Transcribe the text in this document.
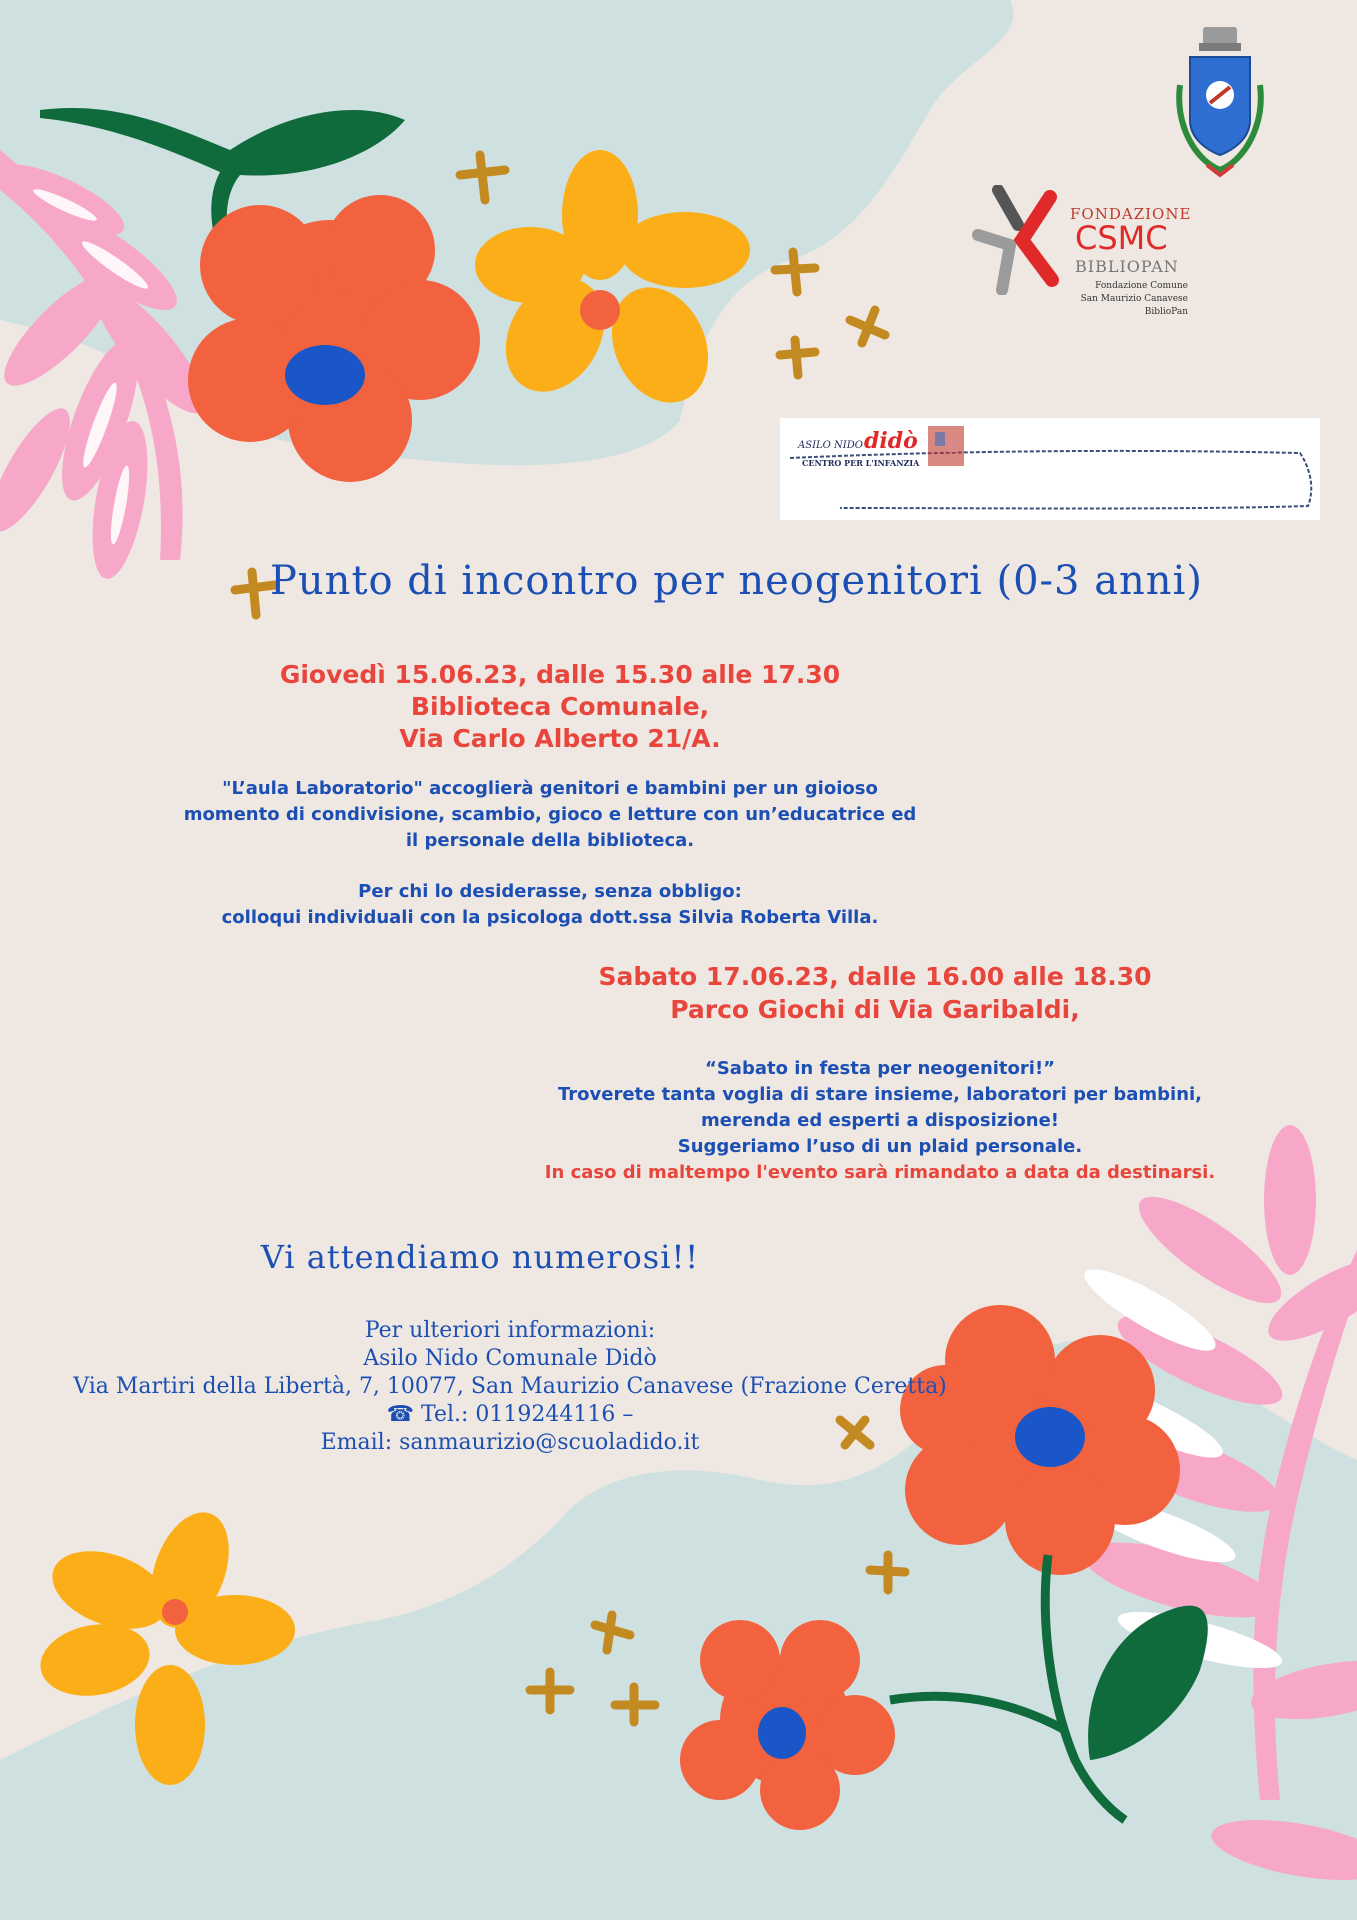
FONDAZIONE
CSMC
BIBLIOPAN
Fondazione Comune
San Maurizio Canavese
BiblioPan
ASILO NIDO didò
CENTRO PER L'INFANZIA
Punto di incontro per neogenitori (0-3 anni)
Giovedì 15.06.23, dalle 15.30 alle 17.30
Biblioteca Comunale,
Via Carlo Alberto 21/A.
"L’aula Laboratorio" accoglierà genitori e bambini per un gioioso
momento di condivisione, scambio, gioco e letture con un’educatrice ed
il personale della biblioteca.
Per chi lo desiderasse, senza obbligo:
colloqui individuali con la psicologa dott.ssa Silvia Roberta Villa.
Sabato 17.06.23, dalle 16.00 alle 18.30
Parco Giochi di Via Garibaldi,
“Sabato in festa per neogenitori!”
Troverete tanta voglia di stare insieme, laboratori per bambini,
merenda ed esperti a disposizione!
Suggeriamo l’uso di un plaid personale.
In caso di maltempo l'evento sarà rimandato a data da destinarsi.
Vi attendiamo numerosi!!
Per ulteriori informazioni:
Asilo Nido Comunale Didò
Via Martiri della Libertà, 7, 10077, San Maurizio Canavese (Frazione Ceretta)
☎ Tel.: 0119244116 –
Email: sanmaurizio@scuoladido.it
